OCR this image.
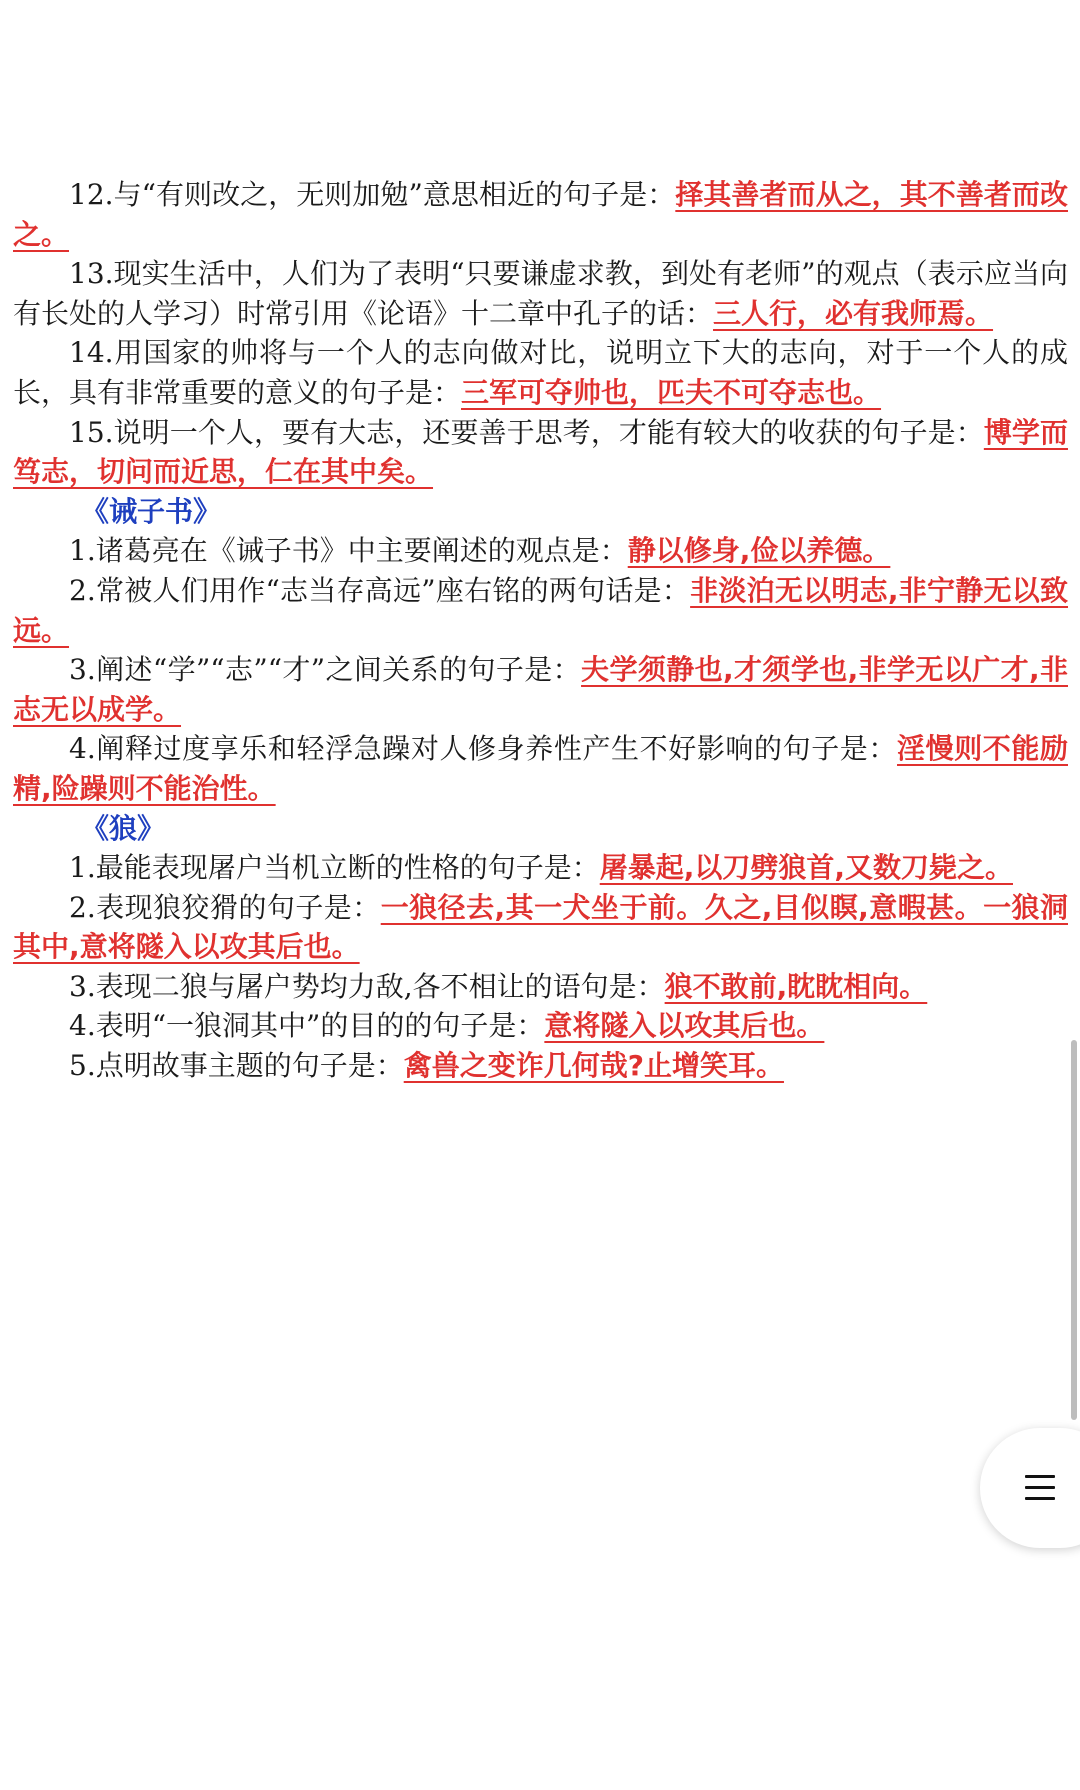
12.与“有则改之，无则加勉”意思相近的句子是：择其善者而从之，其不善者而改之。

13.现实生活中，人们为了表明“只要谦虚求教，到处有老师”的观点（表示应当向有长处的人学习）时常引用《论语》十二章中孔子的话：三人行，必有我师焉。

14.用国家的帅将与一个人的志向做对比，说明立下大的志向，对于一个人的成长，具有非常重要的意义的句子是：三军可夺帅也，匹夫不可夺志也。

15.说明一个人，要有大志，还要善于思考，才能有较大的收获的句子是：博学而笃志，切问而近思，仁在其中矣。

《诫子书》

1.诸葛亮在《诫子书》中主要阐述的观点是：静以修身,俭以养德。

2.常被人们用作“志当存高远”座右铭的两句话是：非淡泊无以明志,非宁静无以致远。

3.阐述“学”“志”“才”之间关系的句子是：夫学须静也,才须学也,非学无以广才,非志无以成学。

4.阐释过度享乐和轻浮急躁对人修身养性产生不好影响的句子是：淫慢则不能励精,险躁则不能治性。

《狼》

1.最能表现屠户当机立断的性格的句子是：屠暴起,以刀劈狼首,又数刀毙之。

2.表现狼狡猾的句子是：一狼径去,其一犬坐于前。久之,目似瞑,意暇甚。一狼洞其中,意将隧入以攻其后也。

3.表现二狼与屠户势均力敌,各不相让的语句是：狼不敢前,眈眈相向。

4.表明“一狼洞其中”的目的的句子是：意将隧入以攻其后也。

5.点明故事主题的句子是：禽兽之变诈几何哉?止增笑耳。
